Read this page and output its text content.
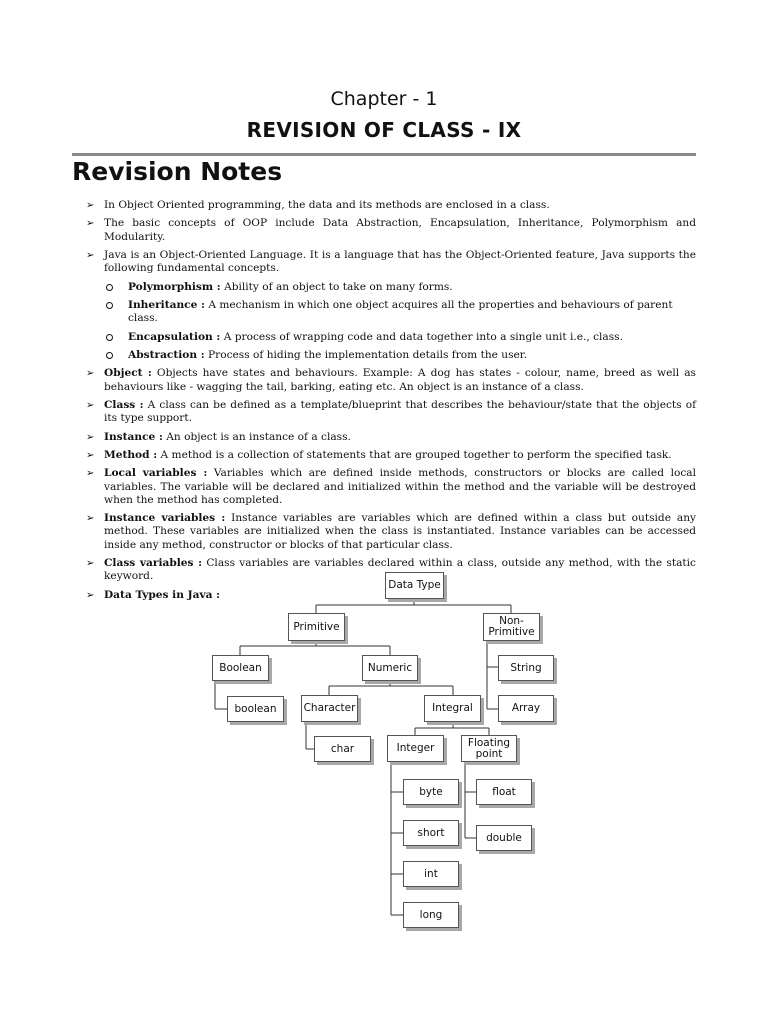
Chapter - 1
REVISION OF CLASS - IX
Revision Notes
➢ In Object Oriented programming, the data and its methods are enclosed in a class.
➢ The basic concepts of OOP include Data Abstraction, Encapsulation, Inheritance, Polymorphism and Modularity.
➢ Java is an Object-Oriented Language. It is a language that has the Object-Oriented feature, Java supports the following fundamental concepts.
Polymorphism : Ability of an object to take on many forms.
Inheritance : A mechanism in which one object acquires all the properties and behaviours of parent class.
Encapsulation : A process of wrapping code and data together into a single unit i.e., class.
Abstraction : Process of hiding the implementation details from the user.
➢ Object : Objects have states and behaviours. Example: A dog has states - colour, name, breed as well as behaviours like - wagging the tail, barking, eating etc. An object is an instance of a class.
➢ Class : A class can be defined as a template/blueprint that describes the behaviour/state that the objects of its type support.
➢ Instance : An object is an instance of a class.
➢ Method : A method is a collection of statements that are grouped together to perform the specified task.
➢ Local variables : Variables which are defined inside methods, constructors or blocks are called local variables. The variable will be declared and initialized within the method and the variable will be destroyed when the method has completed.
➢ Instance variables : Instance variables are variables which are defined within a class but outside any method. These variables are initialized when the class is instantiated. Instance variables can be accessed inside any method, constructor or blocks of that particular class.
➢ Class variables : Class variables are variables declared within a class, outside any method, with the static keyword.
➢ Data Types in Java :
Data Type
Primitive	Non-
Primitive
Boolean	Numeric	String
boolean	Character	Integral	Array
char	Integer	Floating
point
byte	float
short	double
int
long
